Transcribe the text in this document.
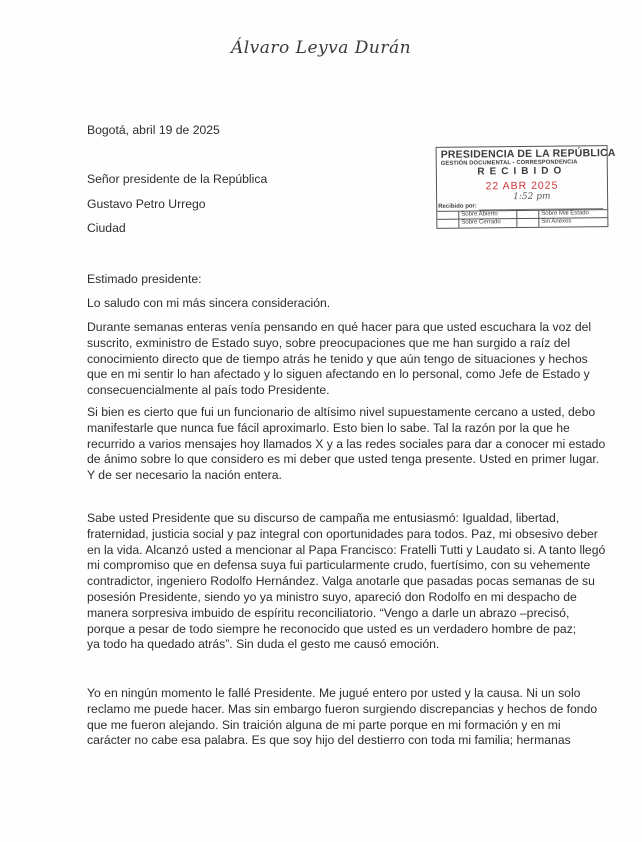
Álvaro Leyva Durán
Bogotá, abril 19 de 2025
Señor presidente de la República
Gustavo Petro Urrego
Ciudad
PRESIDENCIA DE LA REPÚBLICA
GESTIÓN DOCUMENTAL - CORRESPONDENCIA
RECIBIDO
22 ABR 2025
1:52 pm
Recibido por:
Sobre Abierto	Sobre Mal Estado
Sobre Cerrado	Sin Anexos
Estimado presidente:
Lo saludo con mi más sincera consideración.
Durante semanas enteras venía pensando en qué hacer para que usted escuchara la voz del
suscrito, exministro de Estado suyo, sobre preocupaciones que me han surgido a raíz del
conocimiento directo que de tiempo atrás he tenido y que aún tengo de situaciones y hechos
que en mi sentir lo han afectado y lo siguen afectando en lo personal, como Jefe de Estado y
consecuencialmente al país todo Presidente.
Si bien es cierto que fui un funcionario de altísimo nivel supuestamente cercano a usted, debo
manifestarle que nunca fue fácil aproximarlo. Esto bien lo sabe. Tal la razón por la que he
recurrido a varios mensajes hoy llamados X y a las redes sociales para dar a conocer mi estado
de ánimo sobre lo que considero es mi deber que usted tenga presente. Usted en primer lugar.
Y de ser necesario la nación entera.
Sabe usted Presidente que su discurso de campaña me entusiasmó: Igualdad, libertad,
fraternidad, justicia social y paz integral con oportunidades para todos. Paz, mi obsesivo deber
en la vida. Alcanzó usted a mencionar al Papa Francisco: Fratelli Tutti y Laudato si. A tanto llegó
mi compromiso que en defensa suya fui particularmente crudo, fuertísimo, con su vehemente
contradictor, ingeniero Rodolfo Hernández. Valga anotarle que pasadas pocas semanas de su
posesión Presidente, siendo yo ya ministro suyo, apareció don Rodolfo en mi despacho de
manera sorpresiva imbuido de espíritu reconciliatorio. “Vengo a darle un abrazo –precisó,
porque a pesar de todo siempre he reconocido que usted es un verdadero hombre de paz;
ya todo ha quedado atrás”. Sin duda el gesto me causó emoción.
Yo en ningún momento le fallé Presidente. Me jugué entero por usted y la causa. Ni un solo
reclamo me puede hacer. Mas sin embargo fueron surgiendo discrepancias y hechos de fondo
que me fueron alejando. Sin traición alguna de mi parte porque en mi formación y en mi
carácter no cabe esa palabra. Es que soy hijo del destierro con toda mi familia; hermanas
